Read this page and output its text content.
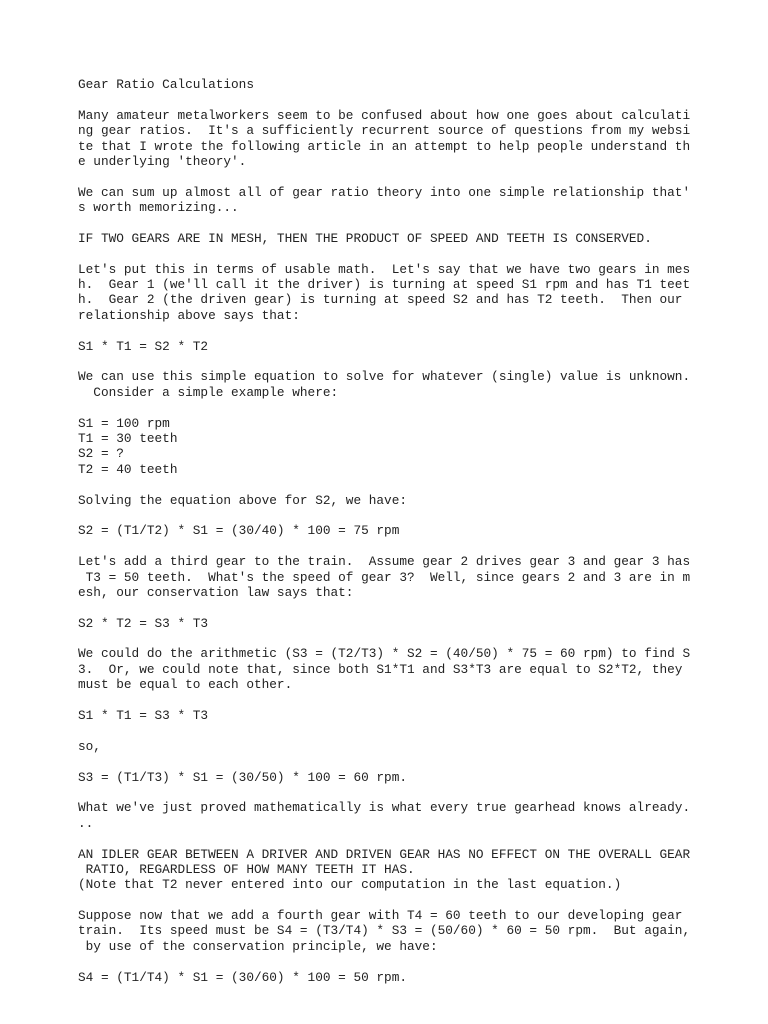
Gear Ratio Calculations
Many amateur metalworkers seem to be confused about how one goes about calculati
ng gear ratios.  It's a sufficiently recurrent source of questions from my websi
te that I wrote the following article in an attempt to help people understand th
e underlying 'theory'.
We can sum up almost all of gear ratio theory into one simple relationship that'
s worth memorizing...
IF TWO GEARS ARE IN MESH, THEN THE PRODUCT OF SPEED AND TEETH IS CONSERVED.
Let's put this in terms of usable math.  Let's say that we have two gears in mes
h.  Gear 1 (we'll call it the driver) is turning at speed S1 rpm and has T1 teet
h.  Gear 2 (the driven gear) is turning at speed S2 and has T2 teeth.  Then our
relationship above says that:
S1 * T1 = S2 * T2
We can use this simple equation to solve for whatever (single) value is unknown.
Consider a simple example where:
S1 = 100 rpm
T1 = 30 teeth
S2 = ?
T2 = 40 teeth
Solving the equation above for S2, we have:
S2 = (T1/T2) * S1 = (30/40) * 100 = 75 rpm
Let's add a third gear to the train.  Assume gear 2 drives gear 3 and gear 3 has
T3 = 50 teeth.  What's the speed of gear 3?  Well, since gears 2 and 3 are in m
esh, our conservation law says that:
S2 * T2 = S3 * T3
We could do the arithmetic (S3 = (T2/T3) * S2 = (40/50) * 75 = 60 rpm) to find S
3.  Or, we could note that, since both S1*T1 and S3*T3 are equal to S2*T2, they
must be equal to each other.
S1 * T1 = S3 * T3
so,
S3 = (T1/T3) * S1 = (30/50) * 100 = 60 rpm.
What we've just proved mathematically is what every true gearhead knows already.
..
AN IDLER GEAR BETWEEN A DRIVER AND DRIVEN GEAR HAS NO EFFECT ON THE OVERALL GEAR
RATIO, REGARDLESS OF HOW MANY TEETH IT HAS.
(Note that T2 never entered into our computation in the last equation.)
Suppose now that we add a fourth gear with T4 = 60 teeth to our developing gear
train.  Its speed must be S4 = (T3/T4) * S3 = (50/60) * 60 = 50 rpm.  But again,
by use of the conservation principle, we have:
S4 = (T1/T4) * S1 = (30/60) * 100 = 50 rpm.
